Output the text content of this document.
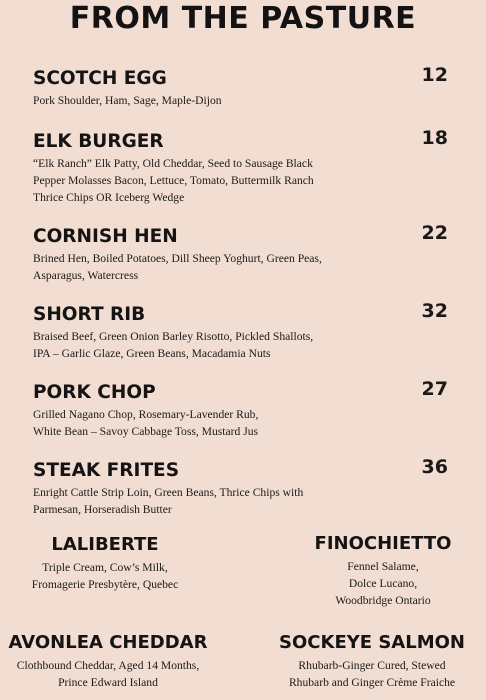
FROM THE PASTURE
SCOTCH EGG	12
Pork Shoulder, Ham, Sage, Maple-Dijon
ELK BURGER	18
“Elk Ranch” Elk Patty, Old Cheddar, Seed to Sausage Black
Pepper Molasses Bacon, Lettuce, Tomato, Buttermilk Ranch
Thrice Chips OR Iceberg Wedge
CORNISH HEN	22
Brined Hen, Boiled Potatoes, Dill Sheep Yoghurt, Green Peas,
Asparagus, Watercress
SHORT RIB	32
Braised Beef, Green Onion Barley Risotto, Pickled Shallots,
IPA – Garlic Glaze, Green Beans, Macadamia Nuts
PORK CHOP	27
Grilled Nagano Chop, Rosemary-Lavender Rub,
White Bean – Savoy Cabbage Toss, Mustard Jus
STEAK FRITES	36
Enright Cattle Strip Loin, Green Beans, Thrice Chips with
Parmesan, Horseradish Butter
LALIBERTE
Triple Cream, Cow’s Milk,
Fromagerie Presbytère, Quebec
FINOCHIETTO
Fennel Salame,
Dolce Lucano,
Woodbridge Ontario
AVONLEA CHEDDAR
Clothbound Cheddar, Aged 14 Months,
Prince Edward Island
SOCKEYE SALMON
Rhubarb-Ginger Cured, Stewed
Rhubarb and Ginger Crème Fraiche
